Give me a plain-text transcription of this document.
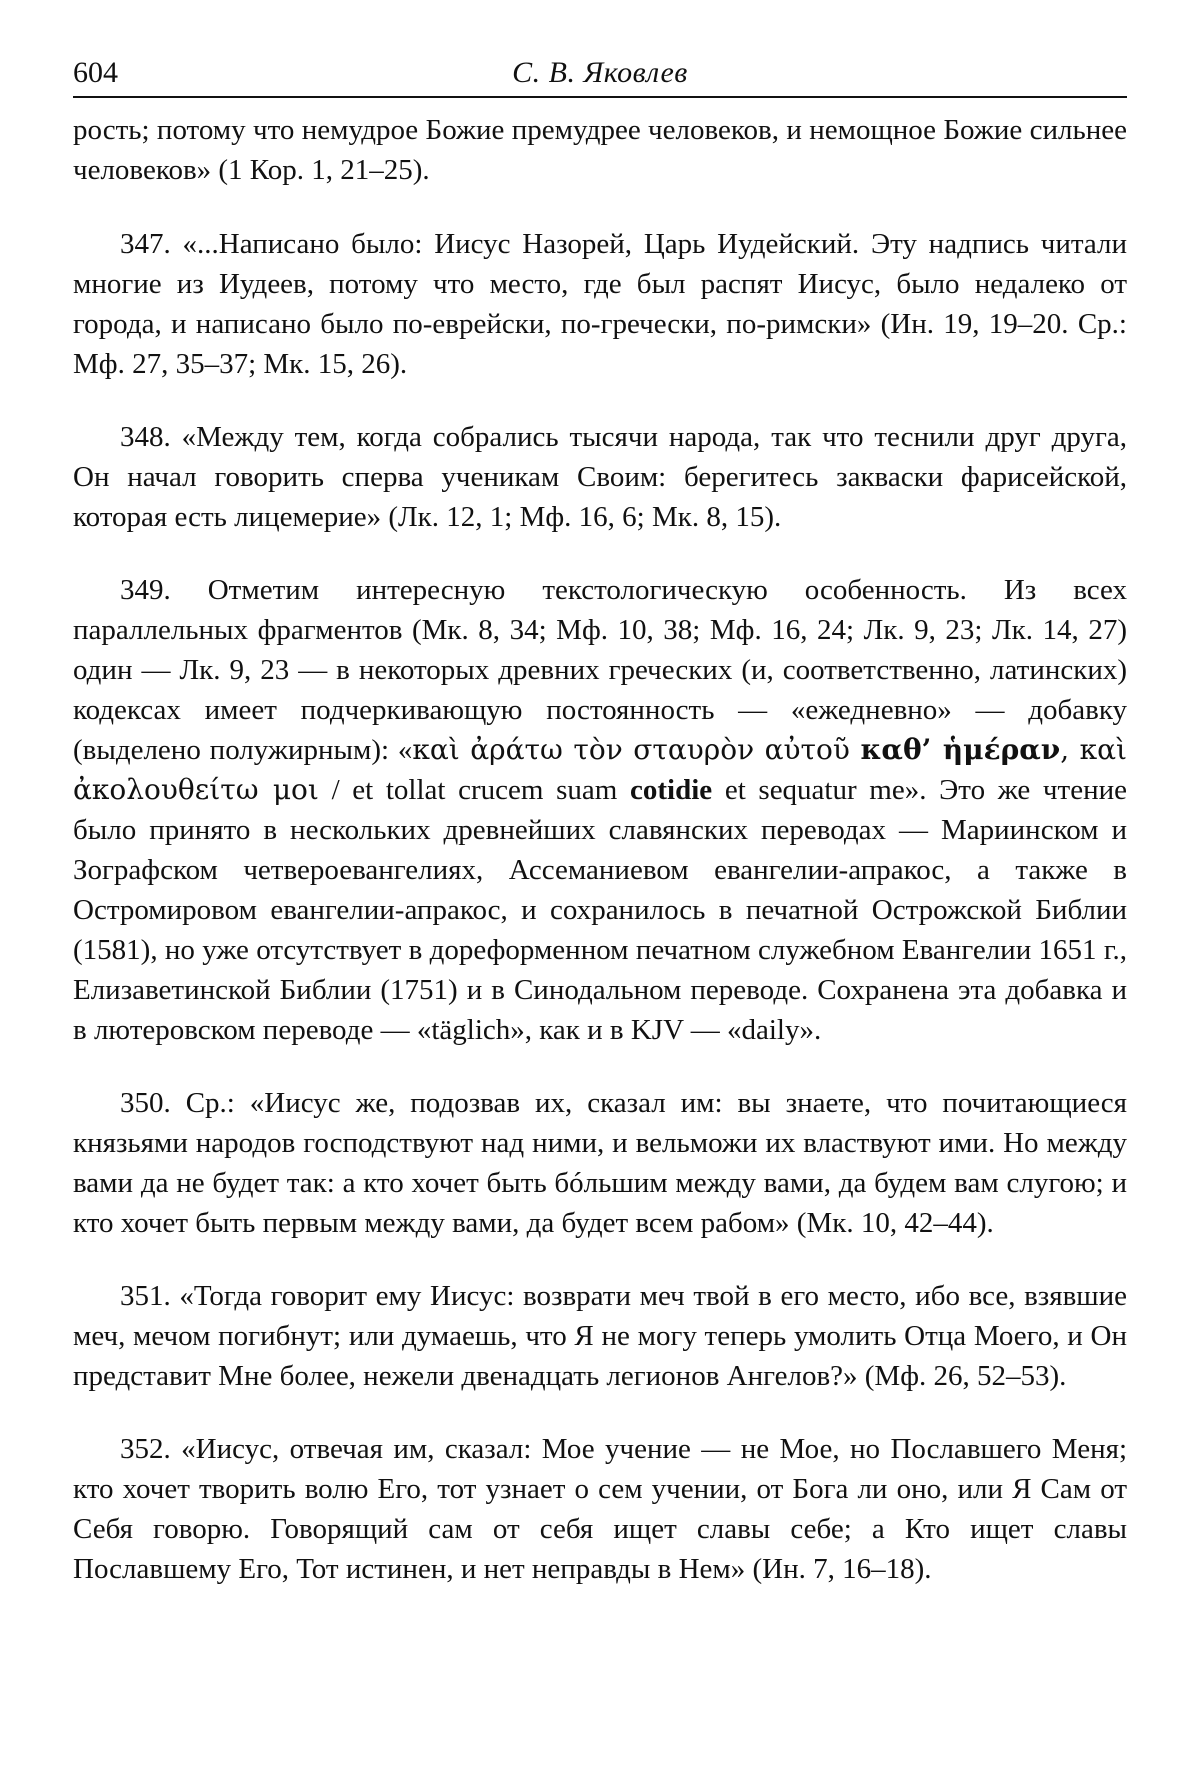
604	С. В. Яковлев

рость; потому что немудрое Божие премудрее человеков, и немощное Божие сильнее человеков» (1 Кор. 1, 21–25).

347. «...Написано было: Иисус Назорей, Царь Иудейский. Эту надпись читали многие из Иудеев, потому что место, где был распят Иисус, было недалеко от города, и написано было по-еврейски, по-гречески, по-римски» (Ин. 19, 19–20. Ср.: Мф. 27, 35–37; Мк. 15, 26).

348. «Между тем, когда собрались тысячи народа, так что теснили друг друга, Он начал говорить сперва ученикам Своим: берегитесь закваски фарисейской, которая есть лицемерие» (Лк. 12, 1; Мф. 16, 6; Мк. 8, 15).

349. Отметим интересную текстологическую особенность. Из всех параллельных фрагментов (Мк. 8, 34; Мф. 10, 38; Мф. 16, 24; Лк. 9, 23; Лк. 14, 27) один — Лк. 9, 23 — в некоторых древних греческих (и, соответственно, латинских) кодексах имеет подчеркивающую постоянность — «ежедневно» — добавку (выделено полужирным): «καὶ ἀράτω τὸν σταυρὸν αὐτοῦ καθ’ ἡμέραν, καὶ ἀκολουθείτω μοι / et tollat crucem suam cotidie et sequatur me». Это же чтение было принято в нескольких древнейших славянских переводах — Мариинском и Зографском четвероевангелиях, Ассеманиевом евангелии-апракос, а также в Остромировом евангелии-апракос, и сохранилось в печатной Острожской Библии (1581), но уже отсутствует в дореформенном печатном служебном Евангелии 1651 г., Елизаветинской Библии (1751) и в Синодальном переводе. Сохранена эта добавка и в лютеровском переводе — «täglich», как и в KJV — «daily».

350. Ср.: «Иисус же, подозвав их, сказал им: вы знаете, что почитающиеся князьями народов господствуют над ними, и вельможи их властвуют ими. Но между вами да не будет так: а кто хочет быть бóльшим между вами, да будем вам слугою; и кто хочет быть первым между вами, да будет всем рабом» (Мк. 10, 42–44).

351. «Тогда говорит ему Иисус: возврати меч твой в его место, ибо все, взявшие меч, мечом погибнут; или думаешь, что Я не могу теперь умолить Отца Моего, и Он представит Мне более, нежели двенадцать легионов Ангелов?» (Мф. 26, 52–53).

352. «Иисус, отвечая им, сказал: Мое учение — не Мое, но Пославшего Меня; кто хочет творить волю Его, тот узнает о сем учении, от Бога ли оно, или Я Сам от Себя говорю. Говорящий сам от себя ищет славы себе; а Кто ищет славы Пославшему Его, Тот истинен, и нет неправды в Нем» (Ин. 7, 16–18).
